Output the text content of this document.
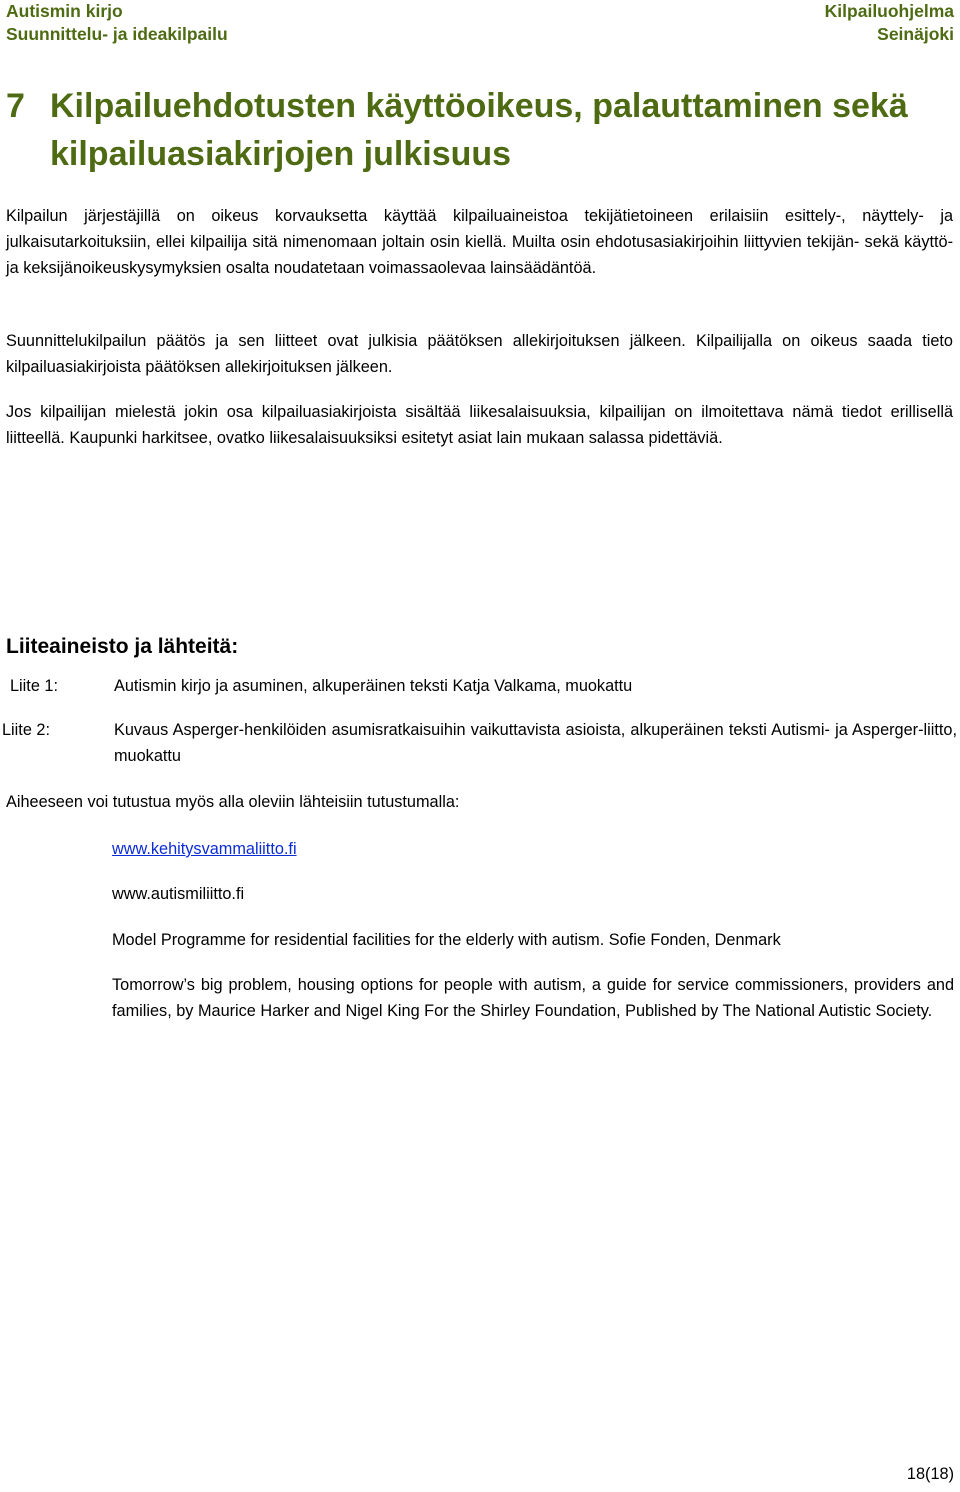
Autismin kirjo
Suunnittelu- ja ideakilpailu
Kilpailuohjelma
Seinäjoki
7 Kilpailuehdotusten käyttöoikeus, palauttaminen sekä
kilpailuasiakirjojen julkisuus

Kilpailun järjestäjillä on oikeus korvauksetta käyttää kilpailuaineistoa tekijätietoineen erilaisiin esittely-, näyttely- ja julkaisutarkoituksiin, ellei kilpailija sitä nimenomaan joltain osin kiellä. Muilta osin ehdotusasiakirjoihin liittyvien tekijän- sekä käyttö- ja keksijänoikeuskysymyksien osalta noudatetaan voimassaolevaa lainsäädäntöä.

Suunnittelukilpailun päätös ja sen liitteet ovat julkisia päätöksen allekirjoituksen jälkeen. Kilpailijalla on oikeus saada tieto kilpailuasiakirjoista päätöksen allekirjoituksen jälkeen.

Jos kilpailijan mielestä jokin osa kilpailuasiakirjoista sisältää liikesalaisuuksia, kilpailijan on ilmoitettava nämä tiedot erillisellä liitteellä. Kaupunki harkitsee, ovatko liikesalaisuuksiksi esitetyt asiat lain mukaan salassa pidettäviä.

Liiteaineisto ja lähteitä:
Liite 1:	Autismin kirjo ja asuminen, alkuperäinen teksti Katja Valkama, muokattu
Liite 2:	Kuvaus Asperger-henkilöiden asumisratkaisuihin vaikuttavista asioista, alkuperäinen teksti Autismi- ja Asperger-liitto, muokattu

Aiheeseen voi tutustua myös alla oleviin lähteisiin tutustumalla:

www.kehitysvammaliitto.fi
www.autismiliitto.fi
Model Programme for residential facilities for the elderly with autism. Sofie Fonden, Denmark
Tomorrow’s big problem, housing options for people with autism, a guide for service commissioners, providers and families, by Maurice Harker and Nigel King For the Shirley Foundation, Published by The National Autistic Society.
18(18)
